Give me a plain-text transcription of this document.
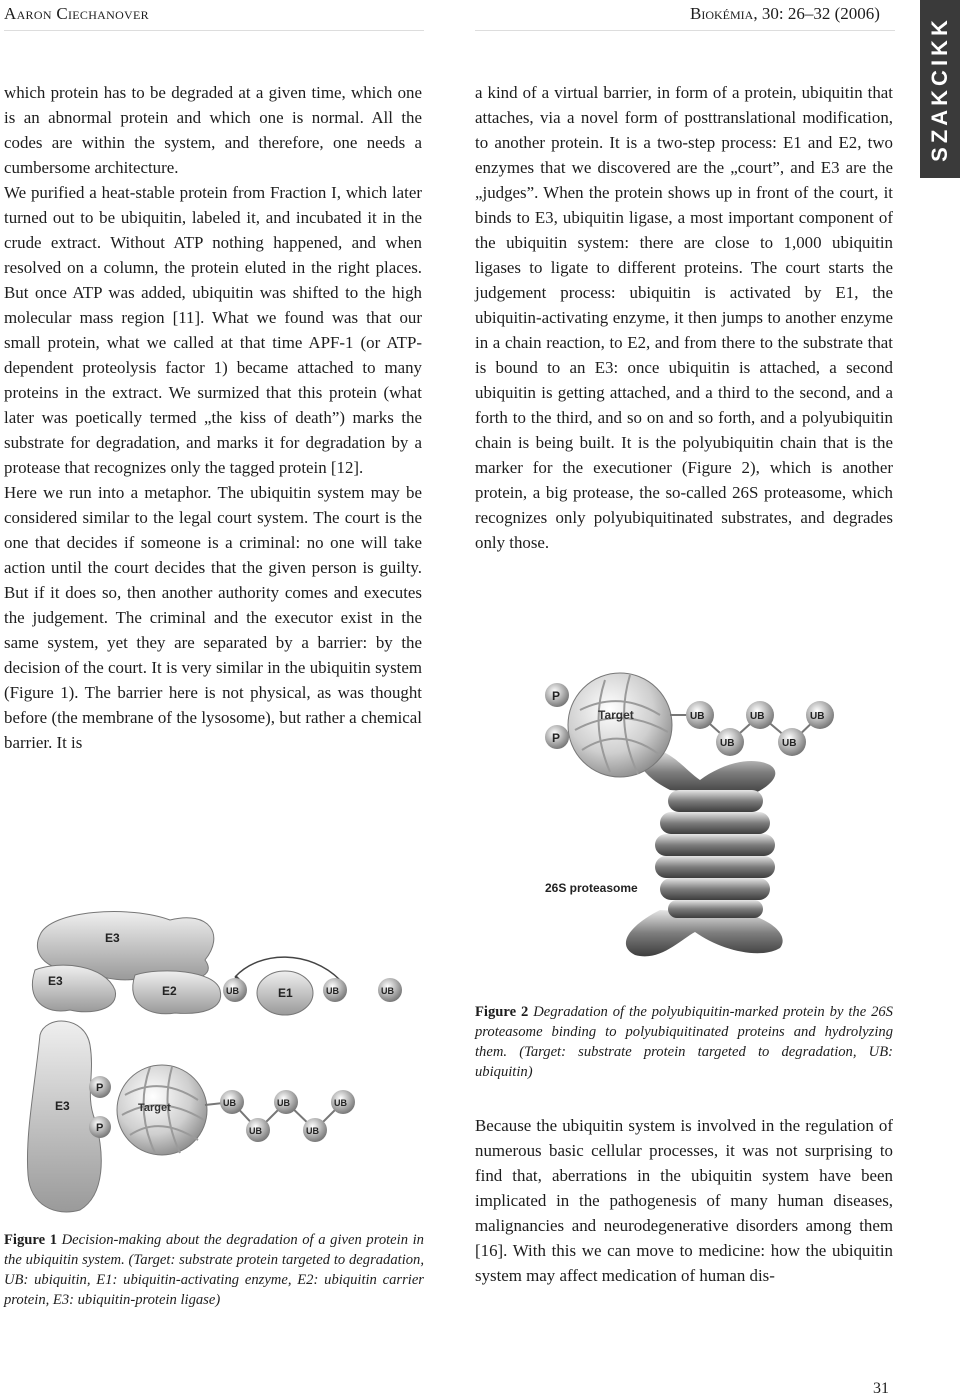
Aaron Ciechanover	Biokémia, 30: 26–32 (2006)
SZAKCIKK

which protein has to be degraded at a given time, which one is an abnormal protein and which one is normal. All the codes are within the system, and therefore, one needs a cumbersome architecture.

We purified a heat-stable protein from Fraction I, which later turned out to be ubiquitin, labeled it, and incubated it in the crude extract. Without ATP nothing happened, and when resolved on a column, the protein eluted in the right places. But once ATP was added, ubiquitin was shifted to the high molecular mass region [11]. What we found was that our small protein, what we called at that time APF-1 (or ATP-dependent proteolysis factor 1) became attached to many proteins in the extract. We surmized that this protein (what later was poetically termed „the kiss of death”) marks the substrate for degradation, and marks it for degradation by a protease that recognizes only the tagged protein [12].

Here we run into a metaphor. The ubiquitin system may be considered similar to the legal court system. The court is the one that decides if someone is a criminal: no one will take action until the court decides that the given person is guilty. But if it does so, then another authority comes and executes the judgement. The criminal and the executor exist in the same system, yet they are separated by a barrier: by the decision of the court. It is very similar in the ubiquitin system (Figure 1). The barrier here is not physical, as was thought before (the membrane of the lysosome), but rather a chemical barrier. It is

a kind of a virtual barrier, in form of a protein, ubiquitin that attaches, via a novel form of posttranslational modification, to another protein. It is a two-step process: E1 and E2, two enzymes that we discovered are the „court”, and E3 are the „judges”. When the protein shows up in front of the court, it binds to E3, ubiquitin ligase, a most important component of the ubiquitin system: there are close to 1,000 ubiquitin ligases to ligate to different proteins. The court starts the judgement process: ubiquitin is activated by E1, the ubiquitin-activating enzyme, it then jumps to another enzyme in a chain reaction, to E2, and from there to the substrate that is bound to an E3: once ubiquitin is attached, a second ubiquitin is getting attached, and a third to the second, and a forth to the third, and so on and so forth, and a polyubiquitin chain is being built. It is the polyubiquitin chain that is the marker for the executioner (Figure 2), which is another protein, a big protease, the so-called 26S proteasome, which recognizes only polyubiquitinated substrates, and degrades only those.

Target
P
P
UB
UB
UB
UB
UB
26S proteasome
Figure 2 Degradation of the polyubiquitin-marked protein by the 26S proteasome binding to polyubiquitinated proteins and hydrolyzing them. (Target: substrate protein targeted to degradation, UB: ubiquitin)

Because the ubiquitin system is involved in the regulation of numerous basic cellular processes, it was not surprising to find that, aberrations in the ubiquitin system have been implicated in the pathogenesis of many human diseases, malignancies and neurodegenerative disorders among them [16]. With this we can move to medicine: how the ubiquitin system may affect medication of human dis-

E3
E3
E2	E1
UB	UB	UB
E3	Target
P
P
UB
UB
UB
UB
UB
Figure 1 Decision-making about the degradation of a given protein in the ubiquitin system. (Target: substrate protein targeted to degradation, UB: ubiquitin, E1: ubiquitin-activating enzyme, E2: ubiquitin carrier protein, E3: ubiquitin-protein ligase)
31
